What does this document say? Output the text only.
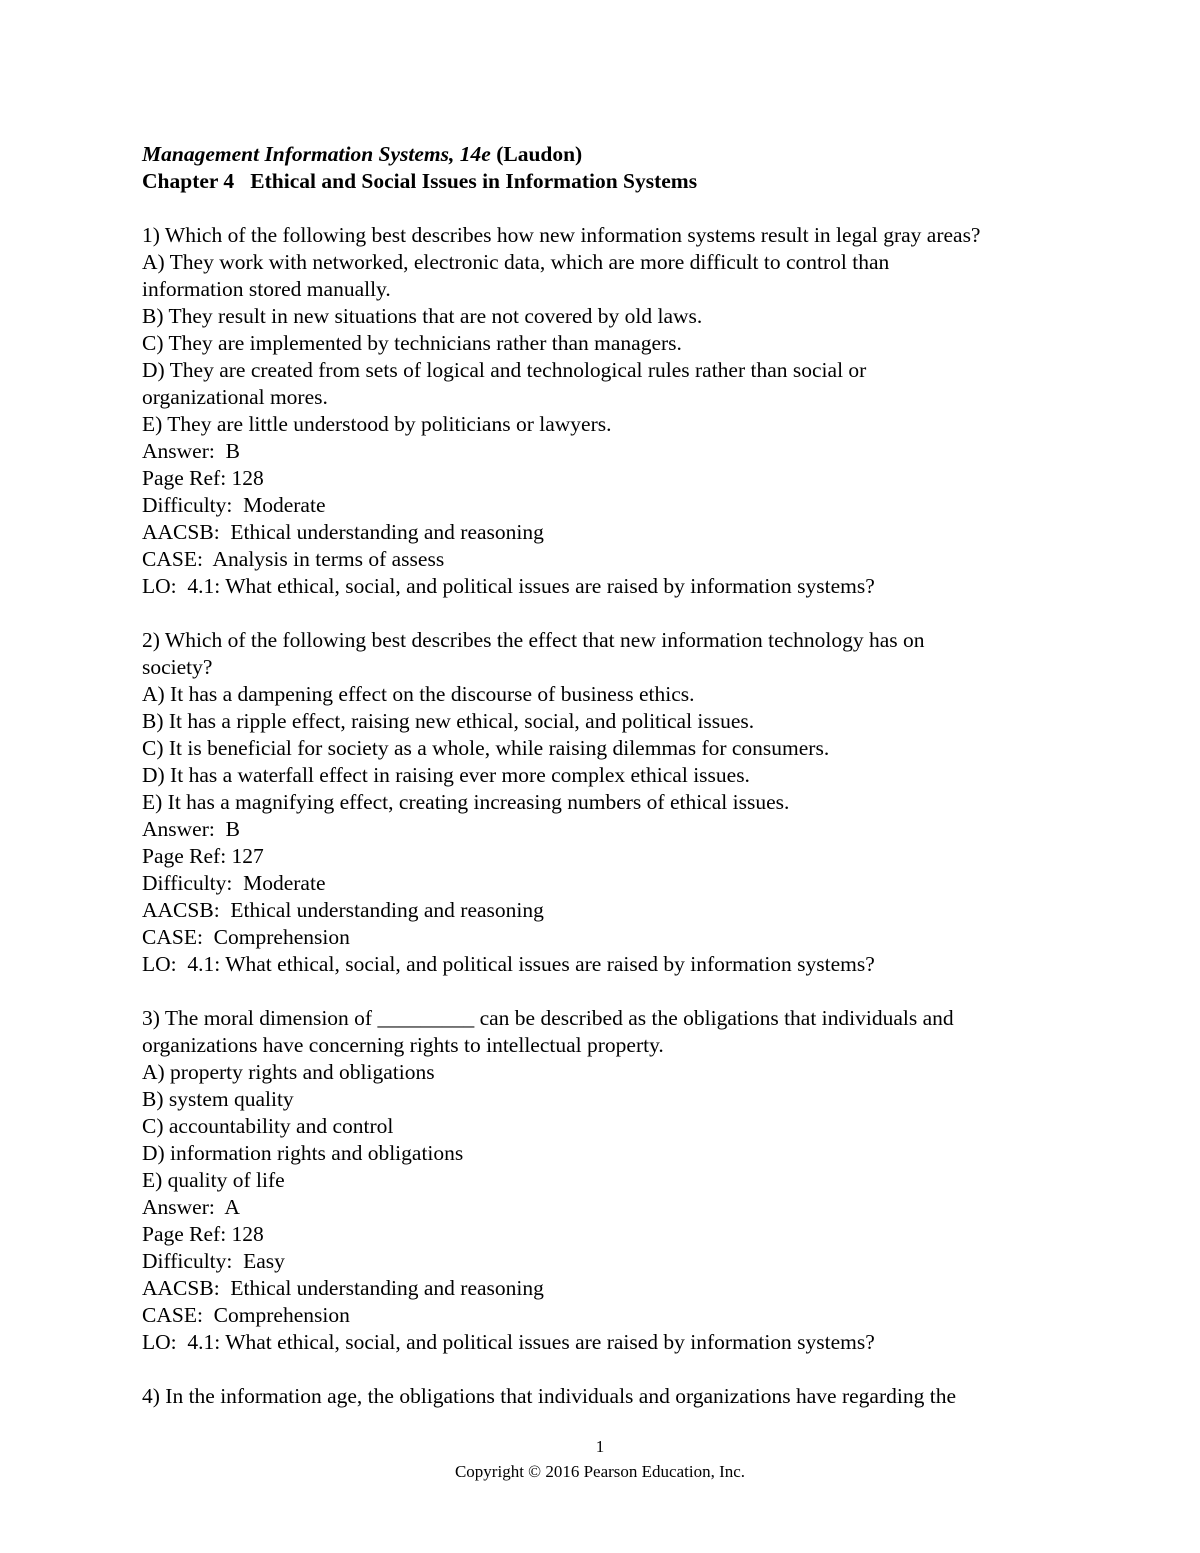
Management Information Systems, 14e (Laudon)
Chapter 4   Ethical and Social Issues in Information Systems
1) Which of the following best describes how new information systems result in legal gray areas?
A) They work with networked, electronic data, which are more difficult to control than
information stored manually.
B) They result in new situations that are not covered by old laws.
C) They are implemented by technicians rather than managers.
D) They are created from sets of logical and technological rules rather than social or
organizational mores.
E) They are little understood by politicians or lawyers.
Answer:  B
Page Ref: 128
Difficulty:  Moderate
AACSB:  Ethical understanding and reasoning
CASE:  Analysis in terms of assess
LO:  4.1: What ethical, social, and political issues are raised by information systems?
2) Which of the following best describes the effect that new information technology has on
society?
A) It has a dampening effect on the discourse of business ethics.
B) It has a ripple effect, raising new ethical, social, and political issues.
C) It is beneficial for society as a whole, while raising dilemmas for consumers.
D) It has a waterfall effect in raising ever more complex ethical issues.
E) It has a magnifying effect, creating increasing numbers of ethical issues.
Answer:  B
Page Ref: 127
Difficulty:  Moderate
AACSB:  Ethical understanding and reasoning
CASE:  Comprehension
LO:  4.1: What ethical, social, and political issues are raised by information systems?
3) The moral dimension of _________ can be described as the obligations that individuals and
organizations have concerning rights to intellectual property.
A) property rights and obligations
B) system quality
C) accountability and control
D) information rights and obligations
E) quality of life
Answer:  A
Page Ref: 128
Difficulty:  Easy
AACSB:  Ethical understanding and reasoning
CASE:  Comprehension
LO:  4.1: What ethical, social, and political issues are raised by information systems?
4) In the information age, the obligations that individuals and organizations have regarding the
1
Copyright © 2016 Pearson Education, Inc.
